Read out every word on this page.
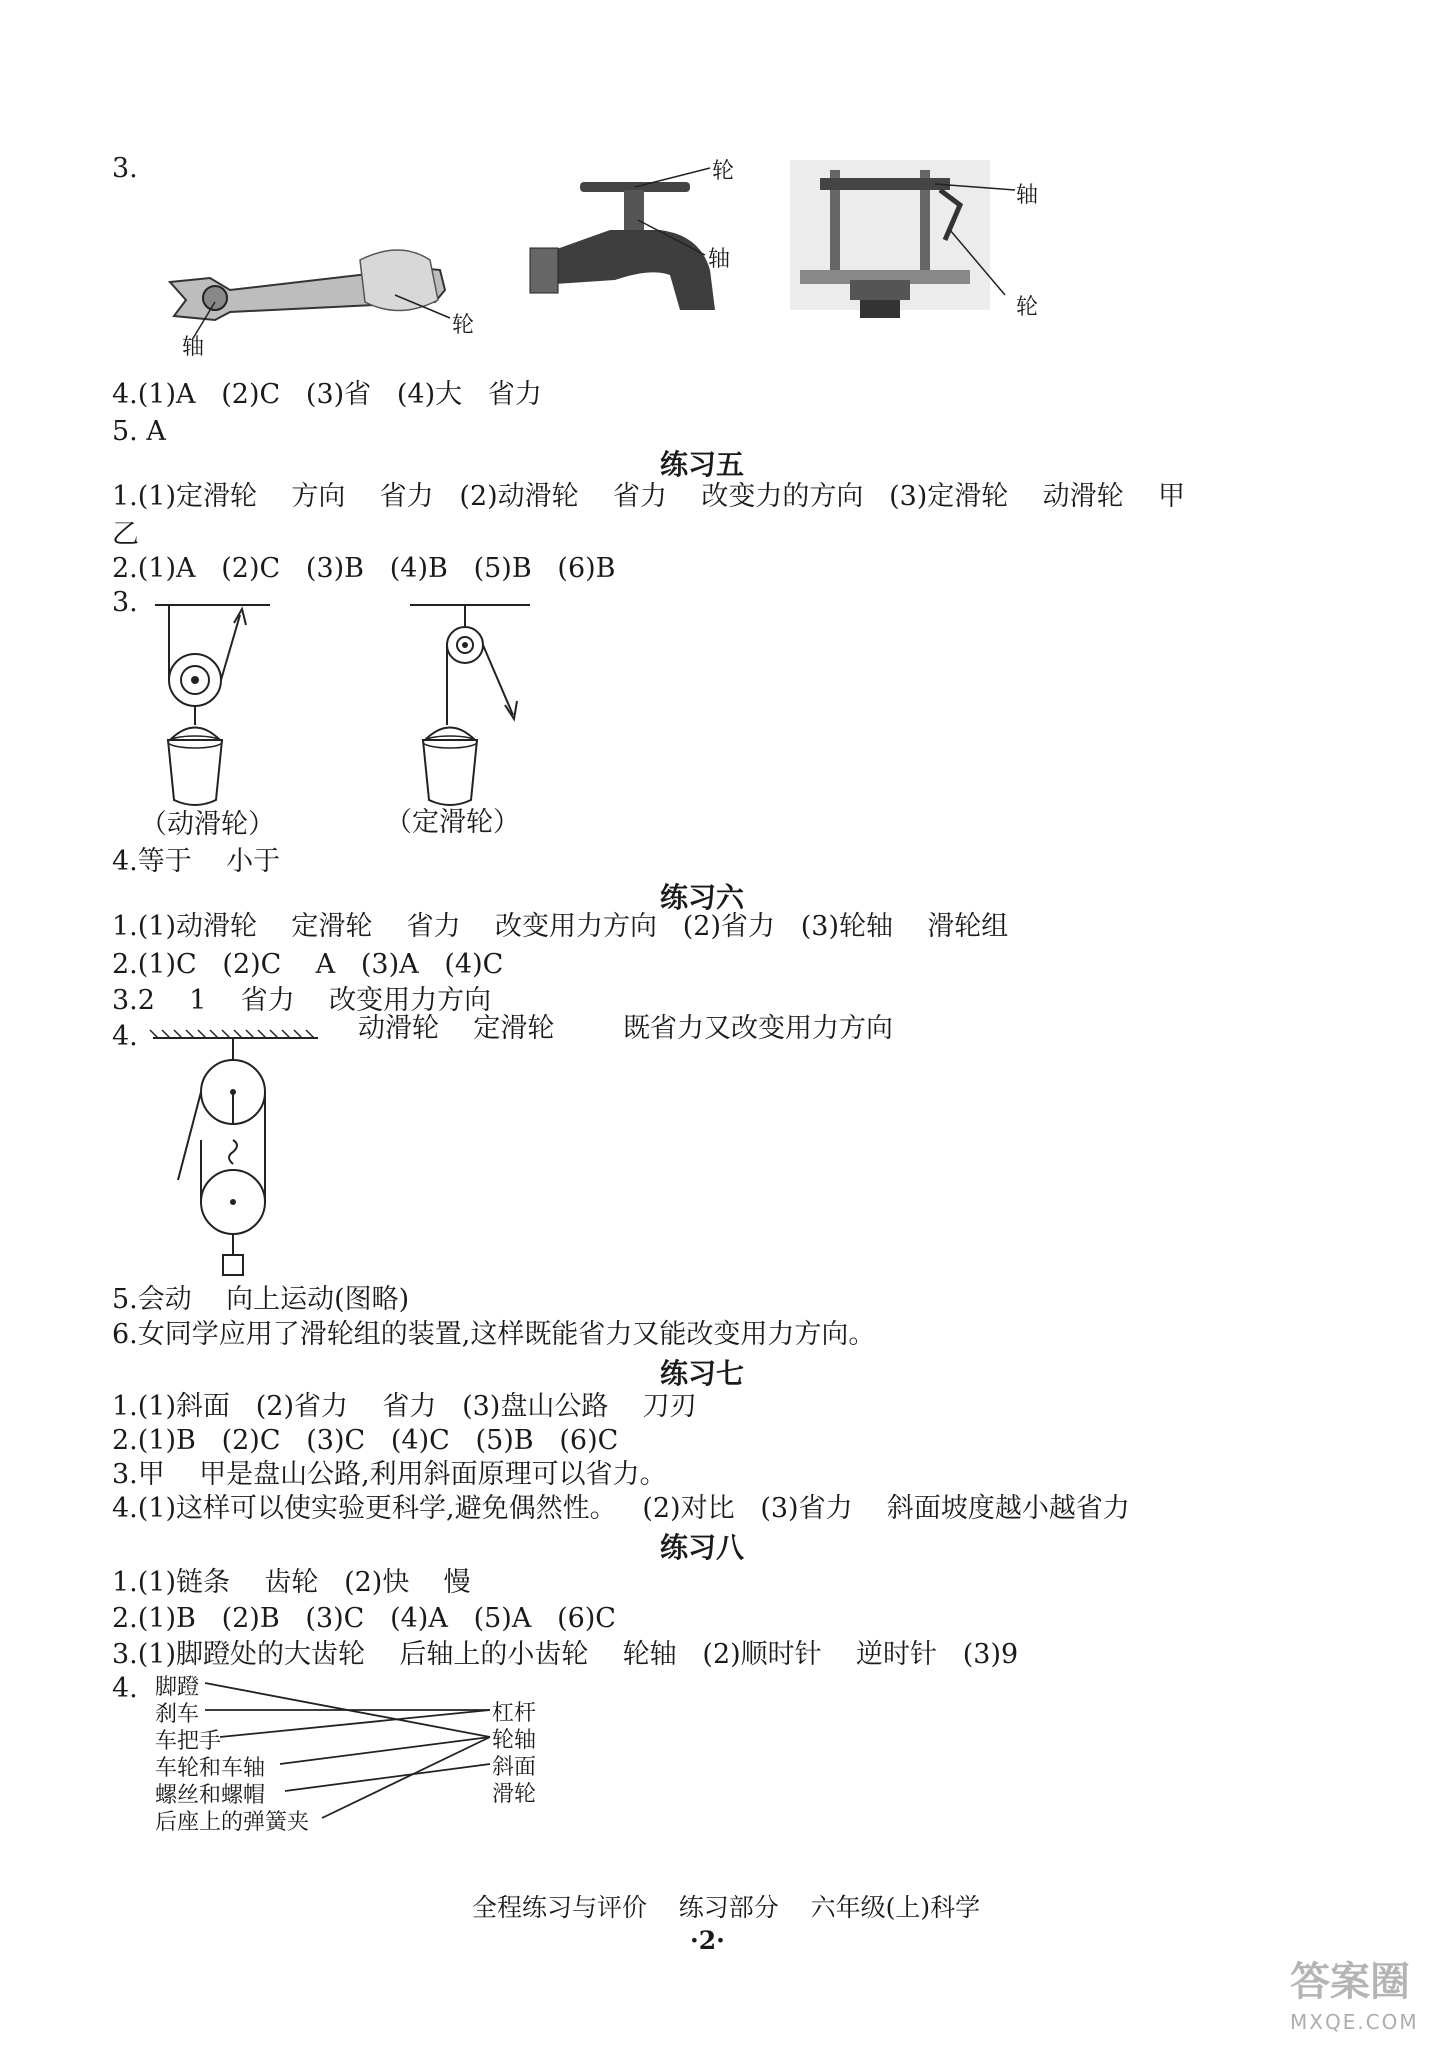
3.
轴
轮
轮
轴
轴
轮
4.(1)A   (2)C   (3)省   (4)大   省力
5. A
练习五
1.(1)定滑轮    方向    省力   (2)动滑轮    省力    改变力的方向   (3)定滑轮    动滑轮    甲
乙
2.(1)A   (2)C   (3)B   (4)B   (5)B   (6)B
3.
（动滑轮）	（定滑轮）
4.等于    小于
练习六
1.(1)动滑轮    定滑轮    省力    改变用力方向   (2)省力   (3)轮轴    滑轮组
2.(1)C   (2)C    A   (3)A   (4)C
3.2    1    省力    改变用力方向
4.	动滑轮    定滑轮        既省力又改变用力方向
5.会动    向上运动(图略)
6.女同学应用了滑轮组的装置,这样既能省力又能改变用力方向。
练习七
1.(1)斜面   (2)省力    省力   (3)盘山公路    刀刃
2.(1)B   (2)C   (3)C   (4)C   (5)B   (6)C
3.甲    甲是盘山公路,利用斜面原理可以省力。
4.(1)这样可以使实验更科学,避免偶然性。   (2)对比   (3)省力    斜面坡度越小越省力
练习八
1.(1)链条    齿轮   (2)快    慢
2.(1)B   (2)B   (3)C   (4)A   (5)A   (6)C
3.(1)脚蹬处的大齿轮    后轴上的小齿轮    轮轴   (2)顺时针    逆时针   (3)9
4. 脚蹬
刹车
车把手
车轮和车轴
螺丝和螺帽
后座上的弹簧夹
杠杆
轮轴
斜面
滑轮
全程练习与评价    练习部分    六年级(上)科学
·2·
答案圈
MXQE.COM
